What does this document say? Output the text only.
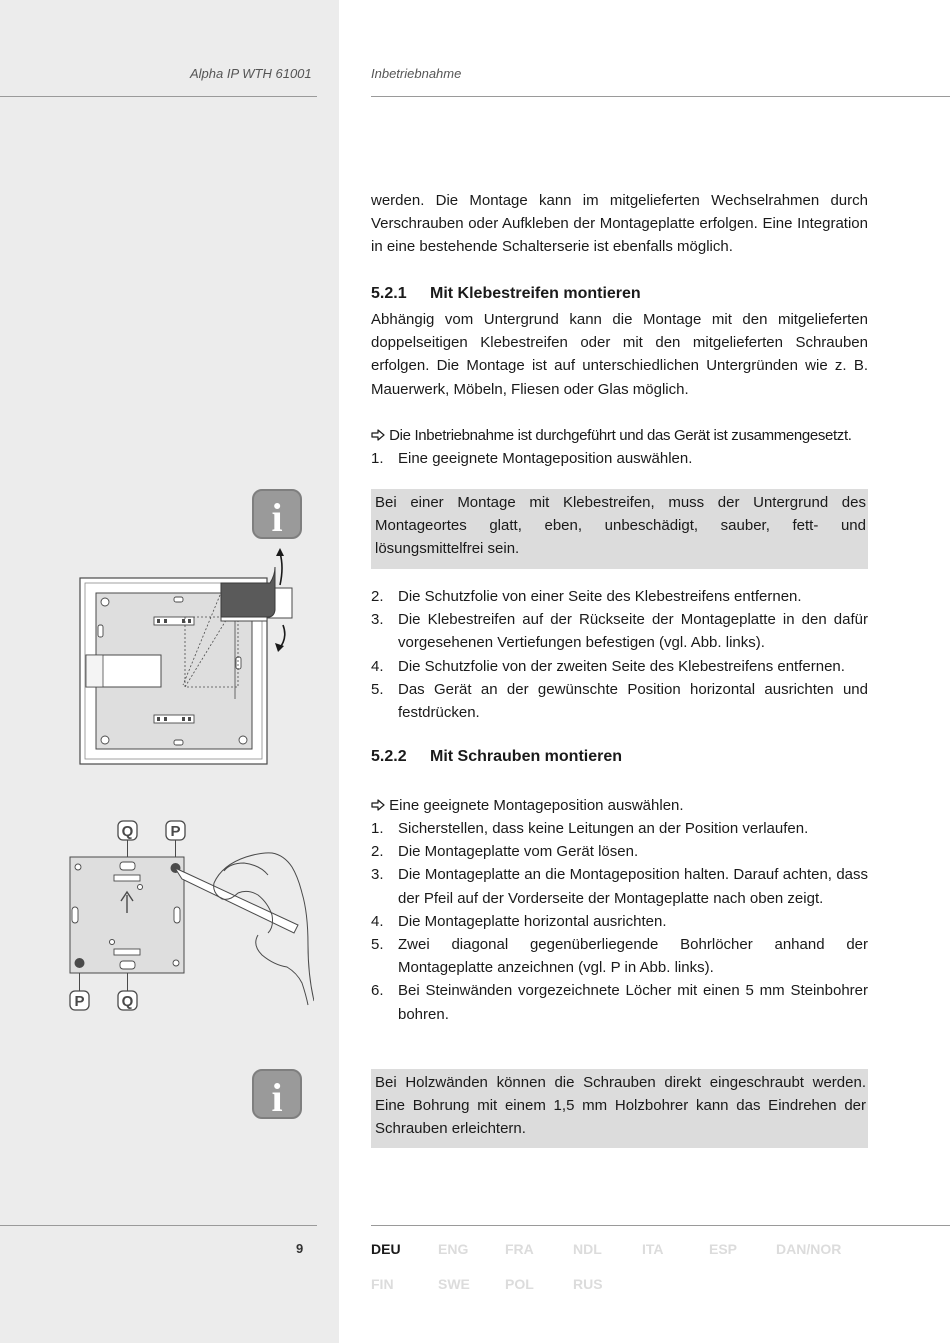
Alpha IP WTH 61001	Inbetriebnahme

werden. Die Montage kann im mitgelieferten Wechselrahmen durch Verschrauben oder Aufkleben der Montageplatte erfolgen. Eine Integration in eine bestehende Schalterserie ist ebenfalls möglich.

5.2.1 Mit Klebestreifen montieren

Abhängig vom Untergrund kann die Montage mit den mitgelieferten doppelseitigen Klebestreifen oder mit den mitgelieferten Schrauben erfolgen. Die Montage ist auf unterschiedlichen Untergründen wie z. B. Mauerwerk, Möbeln, Fliesen oder Glas möglich.

Die Inbetriebnahme ist durchgeführt und das Gerät ist zusammengesetzt.
1. Eine geeignete Montageposition auswählen.
i	Bei einer Montage mit Klebestreifen, muss der Untergrund des Montageortes glatt, eben, unbeschädigt, sauber, fett- und lösungsmittelfrei sein.

2. Die Schutzfolie von einer Seite des Klebestreifens entfernen.
3. Die Klebestreifen auf der Rückseite der Montageplatte in den dafür vorgesehenen Vertiefungen befestigen (vgl. Abb. links).
4. Die Schutzfolie von der zweiten Seite des Klebestreifens entfernen.
5. Das Gerät an der gewünschte Position horizontal ausrichten und festdrücken.
5.2.2 Mit Schrauben montieren
Eine geeignete Montageposition auswählen.
1. Sicherstellen, dass keine Leitungen an der Position verlaufen.
2. Die Montageplatte vom Gerät lösen.
3. Die Montageplatte an die Montageposition halten. Darauf achten, dass der Pfeil auf der Vorderseite der Montageplatte nach oben zeigt.
4. Die Montageplatte horizontal ausrichten.
5. Zwei diagonal gegenüberliegende Bohrlöcher anhand der Montageplatte anzeichnen (vgl. P in Abb. links).
6. Bei Steinwänden vorgezeichnete Löcher mit einen 5 mm Steinbohrer bohren.
Q P
P Q
i	Bei Holzwänden können die Schrauben direkt eingeschraubt werden. Eine Bohrung mit einem 1,5 mm Holzbohrer kann das Eindrehen der Schrauben erleichtern.

9	DEU	ENG	FRA	NDL	ITA	ESP	DAN/NOR
FIN	SWE	POL	RUS
